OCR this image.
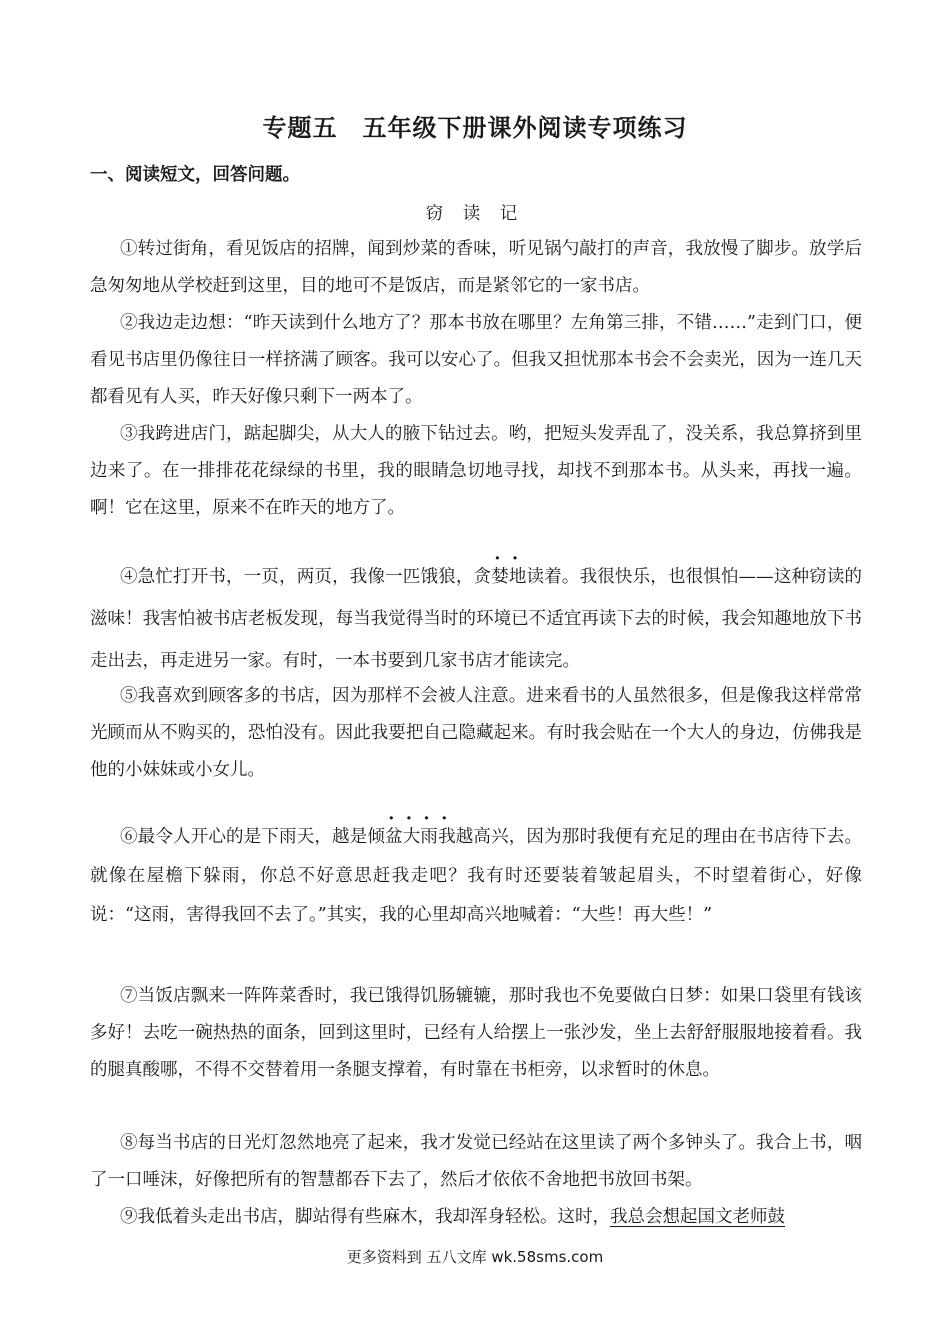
专题五　五年级下册课外阅读专项练习
一、阅读短文，回答问题。
窃 读 记

①转过街角，看见饭店的招牌，闻到炒菜的香味，听见锅勺敲打的声音，我放慢了脚步。放学后急匆匆地从学校赶到这里，目的地可不是饭店，而是紧邻它的一家书店。

②我边走边想：“昨天读到什么地方了？那本书放在哪里？左角第三排，不错……”走到门口，便看见书店里仍像往日一样挤满了顾客。我可以安心了。但我又担忧那本书会不会卖光，因为一连几天都看见有人买，昨天好像只剩下一两本了。

③我跨进店门，踮起脚尖，从大人的腋下钻过去。哟，把短头发弄乱了，没关系，我总算挤到里边来了。在一排排花花绿绿的书里，我的眼睛急切地寻找，却找不到那本书。从头来，再找一遍。啊！它在这里，原来不在昨天的地方了。

④急忙打开书，一页，两页，我像一匹饿狼，贪婪地读着。我很快乐，也很惧怕——这种窃读的滋味！我害怕被书店老板发现，每当我觉得当时的环境已不适宜再读下去的时候，我会知趣地放下书走出去，再走进另一家。有时，一本书要到几家书店才能读完。

⑤我喜欢到顾客多的书店，因为那样不会被人注意。进来看书的人虽然很多，但是像我这样常常光顾而从不购买的，恐怕没有。因此我要把自己隐藏起来。有时我会贴在一个大人的身边，仿佛我是他的小妹妹或小女儿。

⑥最令人开心的是下雨天，越是倾盆大雨我越高兴，因为那时我便有充足的理由在书店待下去。就像在屋檐下躲雨，你总不好意思赶我走吧？我有时还要装着皱起眉头，不时望着街心，好像说：“这雨，害得我回不去了。”其实，我的心里却高兴地喊着：“大些！再大些！”

⑦当饭店飘来一阵阵菜香时，我已饿得饥肠辘辘，那时我也不免要做白日梦：如果口袋里有钱该多好！去吃一碗热热的面条，回到这里时，已经有人给摆上一张沙发，坐上去舒舒服服地接着看。我的腿真酸哪，不得不交替着用一条腿支撑着，有时靠在书柜旁，以求暂时的休息。

⑧每当书店的日光灯忽然地亮了起来，我才发觉已经站在这里读了两个多钟头了。我合上书，咽了一口唾沫，好像把所有的智慧都吞下去了，然后才依依不舍地把书放回书架。

⑨我低着头走出书店，脚站得有些麻木，我却浑身轻松。这时，我总会想起国文老师鼓

更多资料到 五八文库 wk.58sms.com
